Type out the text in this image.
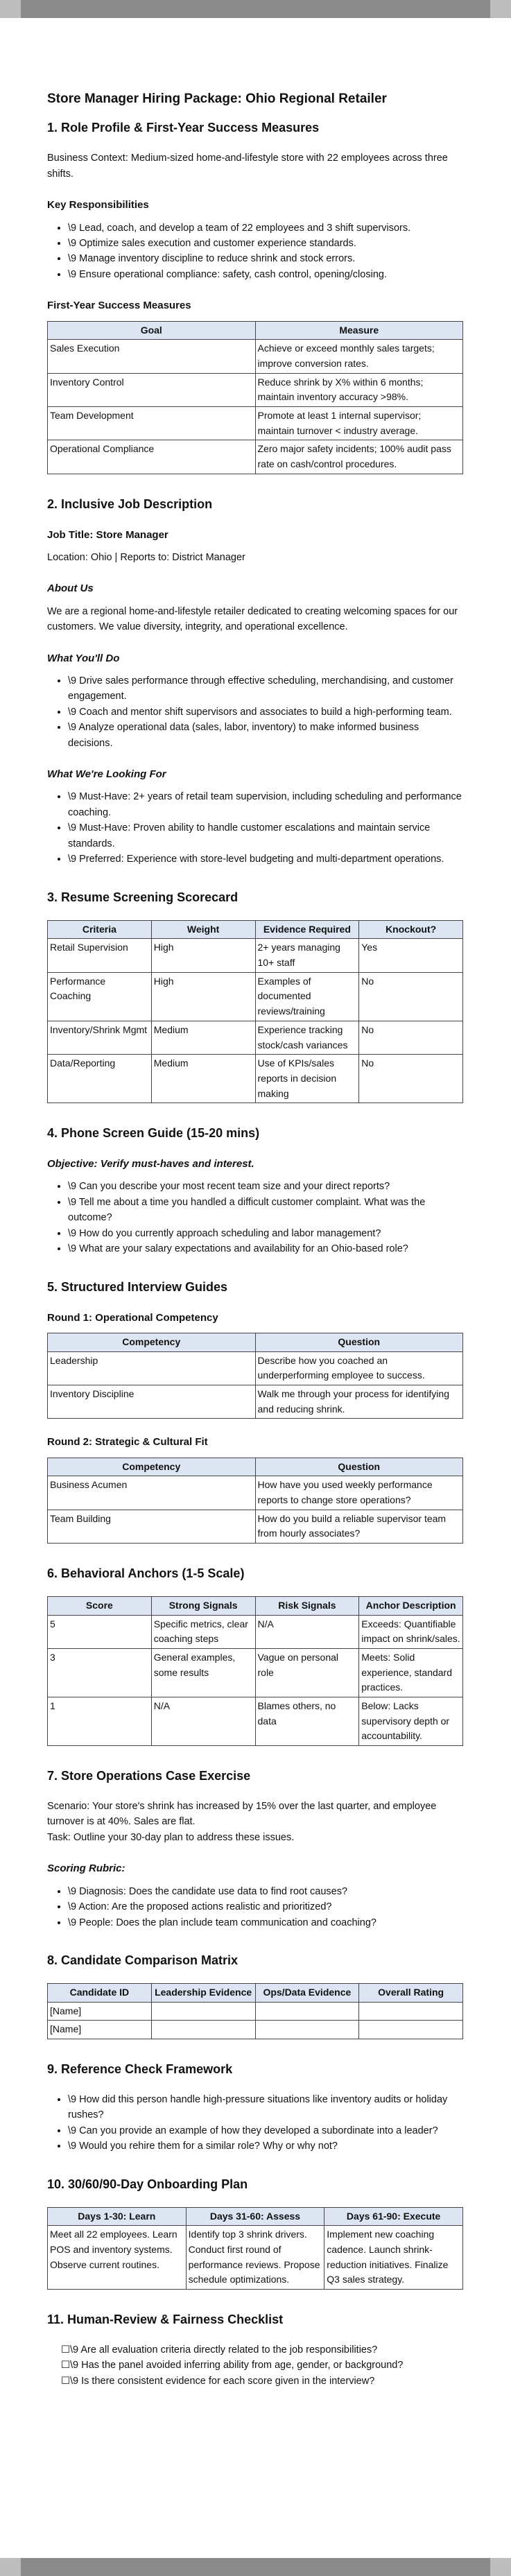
Store Manager Hiring Package: Ohio Regional Retailer
1. Role Profile & First-Year Success Measures

Business Context: Medium-sized home-and-lifestyle store with 22 employees across three shifts.

Key Responsibilities
• \9 Lead, coach, and develop a team of 22 employees and 3 shift supervisors.
• \9 Optimize sales execution and customer experience standards.
• \9 Manage inventory discipline to reduce shrink and stock errors.
• \9 Ensure operational compliance: safety, cash control, opening/closing.
First-Year Success Measures
Goal	Measure
Sales Execution	Achieve or exceed monthly sales targets; improve conversion rates.
Inventory Control	Reduce shrink by X% within 6 months; maintain inventory accuracy >98%.
Team Development	Promote at least 1 internal supervisor; maintain turnover < industry average.
Operational Compliance	Zero major safety incidents; 100% audit pass rate on cash/control procedures.
2. Inclusive Job Description
Job Title: Store Manager

Location: Ohio | Reports to: District Manager

About Us

We are a regional home-and-lifestyle retailer dedicated to creating welcoming spaces for our customers. We value diversity, integrity, and operational excellence.

What You'll Do
• \9 Drive sales performance through effective scheduling, merchandising, and customer engagement.
• \9 Coach and mentor shift supervisors and associates to build a high-performing team.
• \9 Analyze operational data (sales, labor, inventory) to make informed business decisions.
What We're Looking For
• \9 Must-Have: 2+ years of retail team supervision, including scheduling and performance coaching.
• \9 Must-Have: Proven ability to handle customer escalations and maintain service standards.
• \9 Preferred: Experience with store-level budgeting and multi-department operations.
3. Resume Screening Scorecard
Criteria	Weight	Evidence Required	Knockout?
Retail Supervision	High	2+ years managing 10+ staff	Yes
Performance Coaching	High	Examples of documented reviews/training	No
Inventory/Shrink Mgmt	Medium	Experience tracking stock/cash variances	No
Data/Reporting	Medium	Use of KPIs/sales reports in decision making	No
4. Phone Screen Guide (15-20 mins)
Objective: Verify must-haves and interest.
• \9 Can you describe your most recent team size and your direct reports?
• \9 Tell me about a time you handled a difficult customer complaint. What was the outcome?
• \9 How do you currently approach scheduling and labor management?
• \9 What are your salary expectations and availability for an Ohio-based role?
5. Structured Interview Guides
Round 1: Operational Competency
Competency	Question
Leadership	Describe how you coached an underperforming employee to success.
Inventory Discipline	Walk me through your process for identifying and reducing shrink.
Round 2: Strategic & Cultural Fit
Competency	Question
Business Acumen	How have you used weekly performance reports to change store operations?
Team Building	How do you build a reliable supervisor team from hourly associates?
6. Behavioral Anchors (1-5 Scale)
Score	Strong Signals	Risk Signals	Anchor Description
5	Specific metrics, clear coaching steps	N/A	Exceeds: Quantifiable impact on shrink/sales.
3	General examples, some results	Vague on personal role	Meets: Solid experience, standard practices.
1	N/A	Blames others, no data	Below: Lacks supervisory depth or accountability.
7. Store Operations Case Exercise

Scenario: Your store's shrink has increased by 15% over the last quarter, and employee turnover is at 40%. Sales are flat.

Task: Outline your 30-day plan to address these issues.

Scoring Rubric:
• \9 Diagnosis: Does the candidate use data to find root causes?
• \9 Action: Are the proposed actions realistic and prioritized?
• \9 People: Does the plan include team communication and coaching?
8. Candidate Comparison Matrix
Candidate ID	Leadership Evidence	Ops/Data Evidence	Overall Rating
[Name]			
[Name]			
9. Reference Check Framework
• \9 How did this person handle high-pressure situations like inventory audits or holiday rushes?
• \9 Can you provide an example of how they developed a subordinate into a leader?
• \9 Would you rehire them for a similar role? Why or why not?
10. 30/60/90-Day Onboarding Plan
Days 1-30: Learn	Days 31-60: Assess	Days 61-90: Execute
Meet all 22 employees. Learn POS and inventory systems. Observe current routines.	Identify top 3 shrink drivers. Conduct first round of performance reviews. Propose schedule optimizations.	Implement new coaching cadence. Launch shrink-reduction initiatives. Finalize Q3 sales strategy.
11. Human-Review & Fairness Checklist
☐\9 Are all evaluation criteria directly related to the job responsibilities?
☐\9 Has the panel avoided inferring ability from age, gender, or background?
☐\9 Is there consistent evidence for each score given in the interview?
